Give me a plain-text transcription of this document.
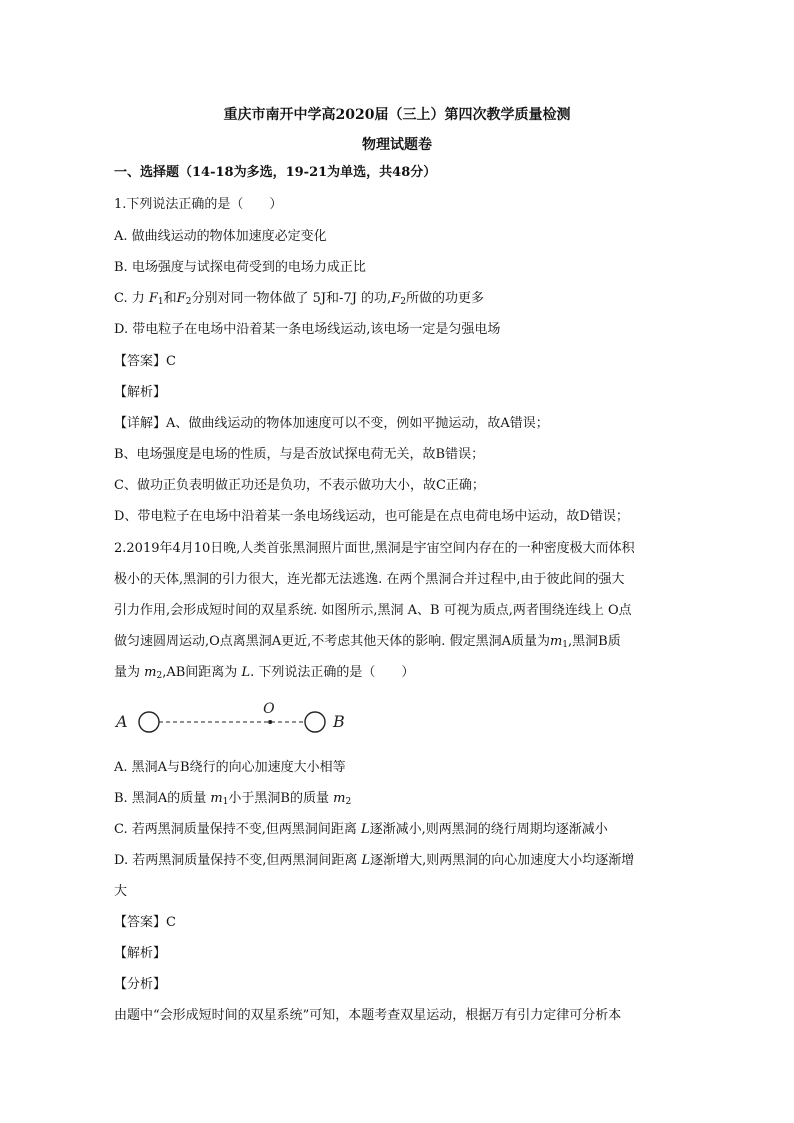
重庆市南开中学高2020届（三上）第四次教学质量检测
物理试题卷
一、选择题（14-18为多选，19-21为单选，共48分）
1.下列说法正确的是（　　）
A. 做曲线运动的物体加速度必定变化
B. 电场强度与试探电荷受到的电场力成正比
C. 力 $F_1$和$F_2$分别对同一物体做了 5J和-7J 的功$,F_2$所做的功更多
D. 带电粒子在电场中沿着某一条电场线运动,该电场一定是匀强电场
【答案】C
【解析】
【详解】A、做曲线运动的物体加速度可以不变，例如平抛运动，故A错误；
B、电场强度是电场的性质，与是否放试探电荷无关，故B错误；
C、做功正负表明做正功还是负功，不表示做功大小，故C正确；
D、带电粒子在电场中沿着某一条电场线运动，也可能是在点电荷电场中运动，故D错误；
2.2019年4月10日晚,人类首张黑洞照片面世,黑洞是宇宙空间内存在的一种密度极大而体积
极小的天体,黑洞的引力很大，连光都无法逃逸. 在两个黑洞合并过程中,由于彼此间的强大
引力作用,会形成短时间的双星系统. 如图所示,黑洞 A、B 可视为质点,两者围绕连线上 O点
做匀速圆周运动,O点离黑洞A更近,不考虑其他天体的影响. 假定黑洞A质量为$m_1$,黑洞B质
量为 $m_2,AB$间距离为 L. 下列说法正确的是（　　）
A
O
B
A. 黑洞A与B绕行的向心加速度大小相等
B. 黑洞A的质量 $m_1$小于黑洞B的质量 $m_2$
C. 若两黑洞质量保持不变,但两黑洞间距离 L逐渐减小,则两黑洞的绕行周期均逐渐减小
D. 若两黑洞质量保持不变,但两黑洞间距离 L逐渐增大,则两黑洞的向心加速度大小均逐渐增
大
【答案】C
【解析】
【分析】
由题中“会形成短时间的双星系统”可知，本题考查双星运动，根据万有引力定律可分析本
